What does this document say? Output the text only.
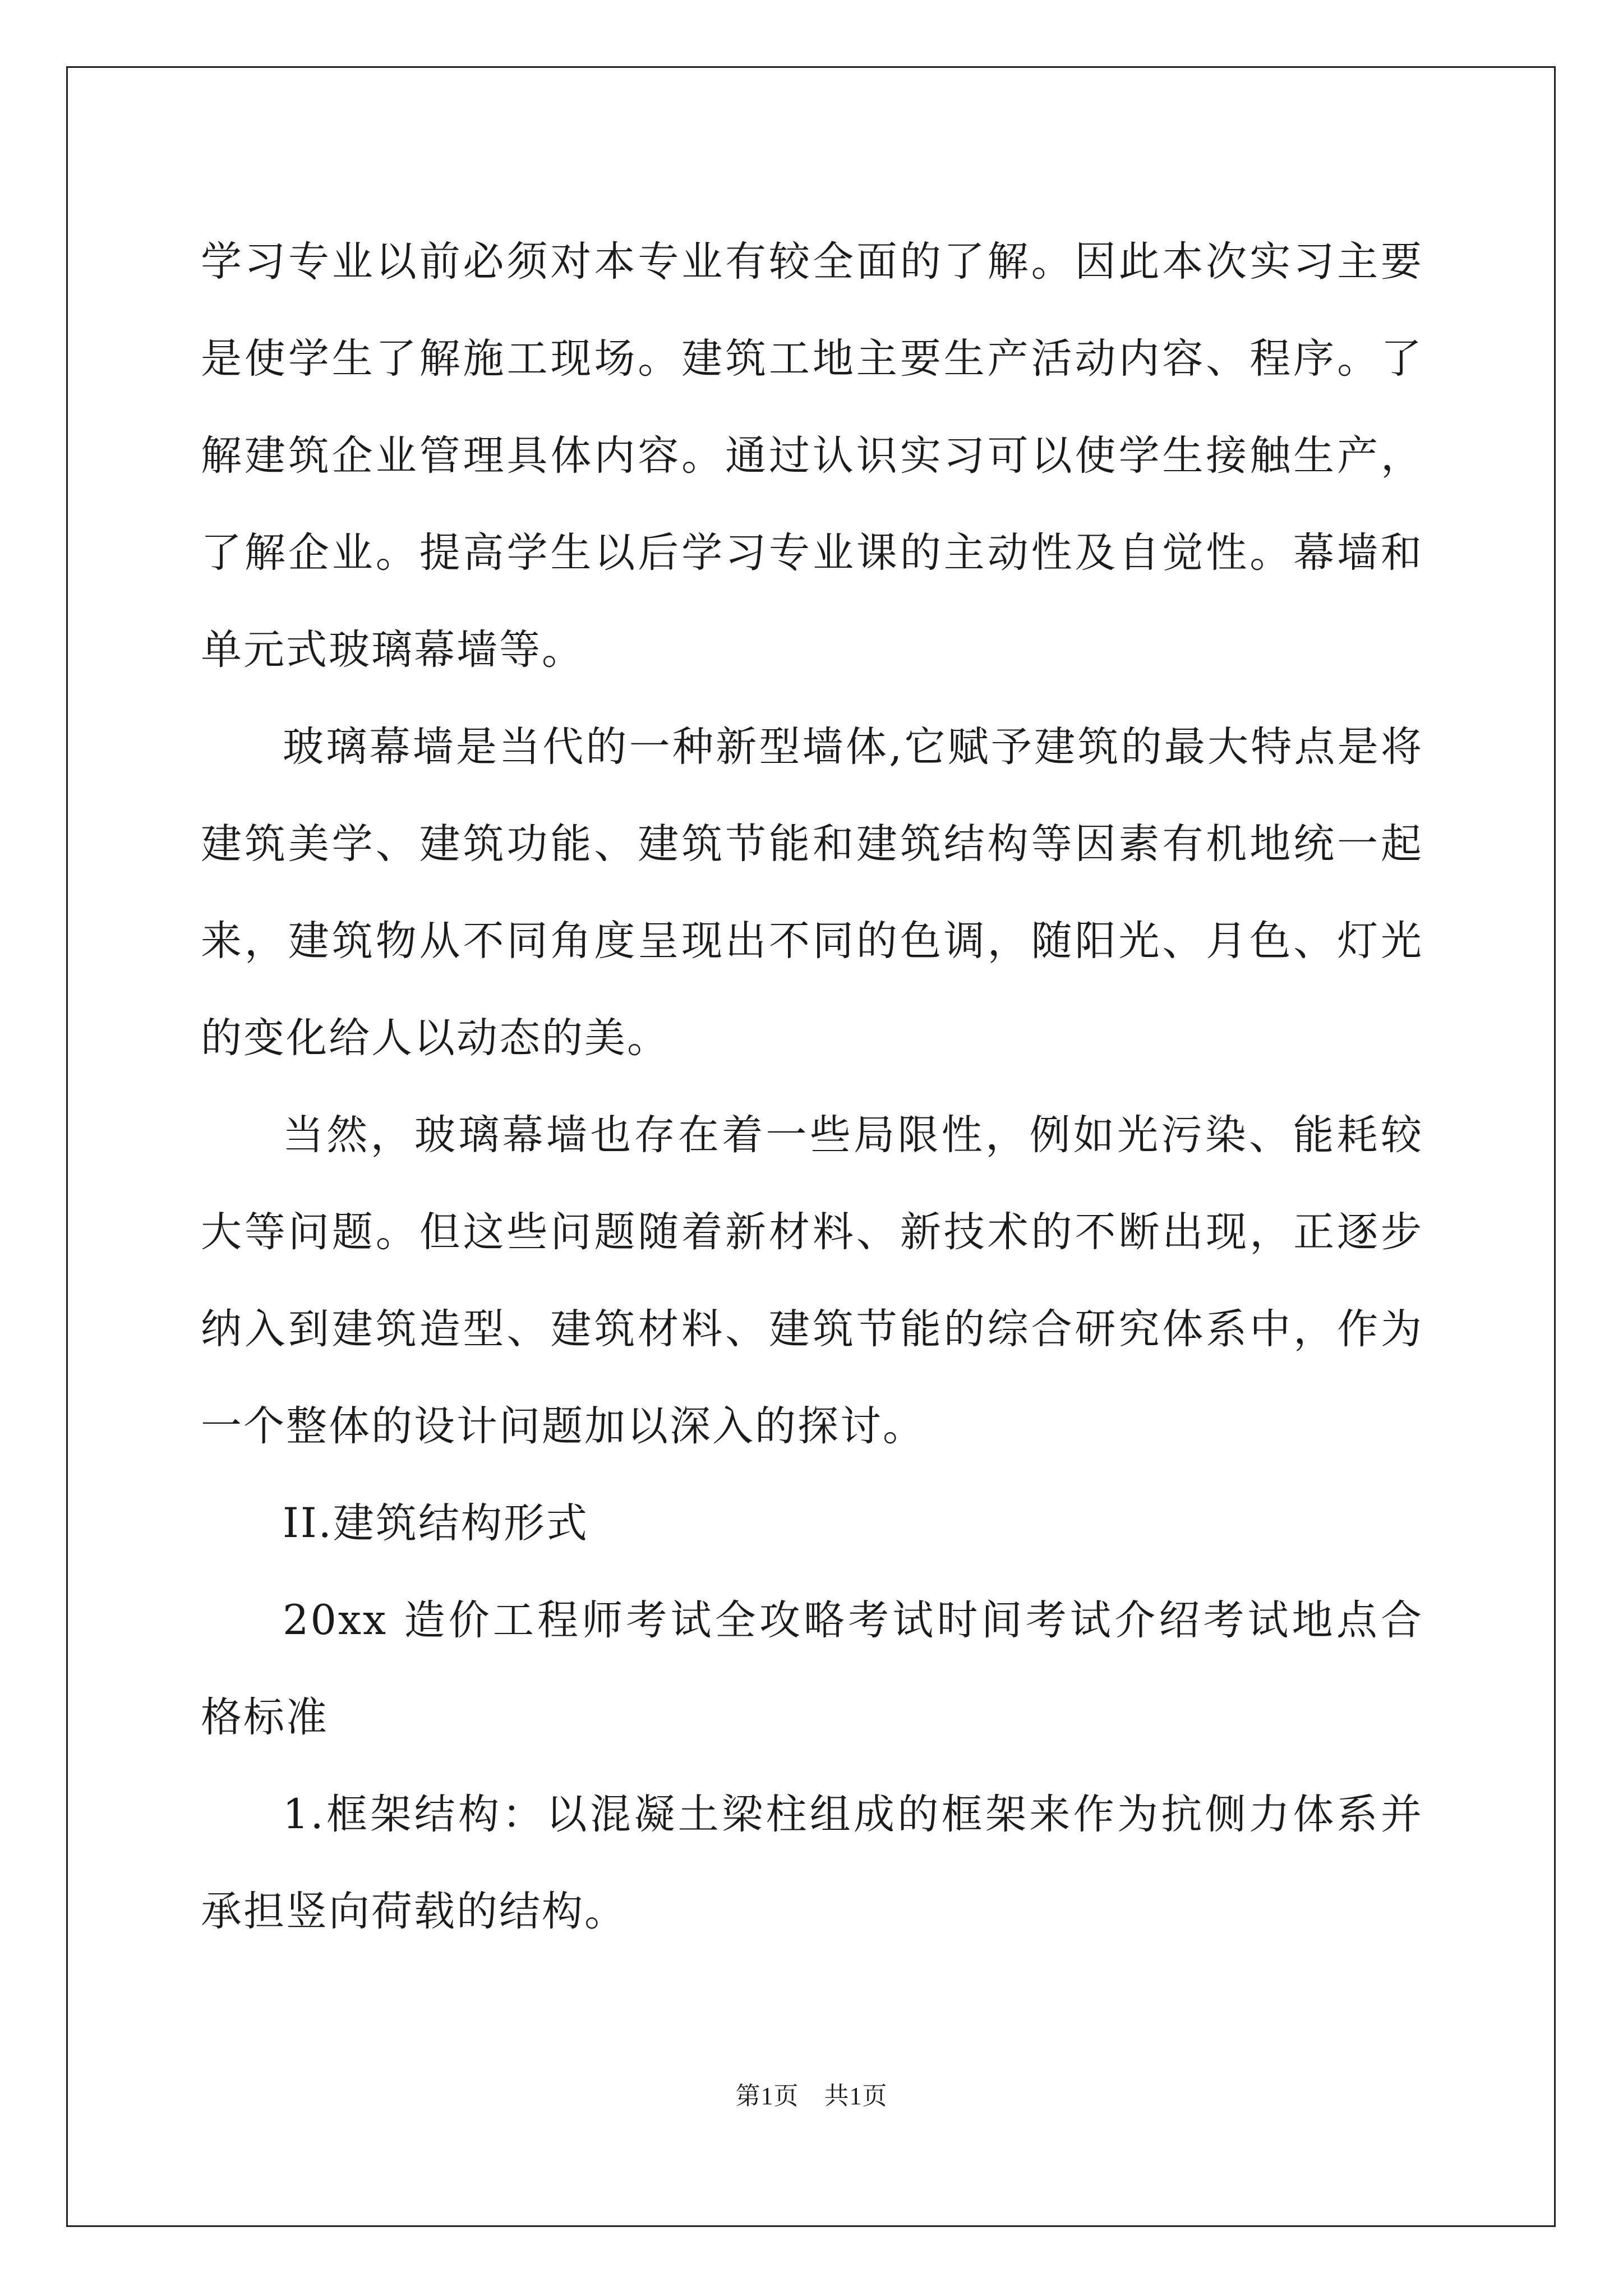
学习专业以前必须对本专业有较全面的了解。因此本次实习主要是使学生了解施工现场。建筑工地主要生产活动内容、程序。了解建筑企业管理具体内容。通过认识实习可以使学生接触生产，了解企业。提高学生以后学习专业课的主动性及自觉性。幕墙和单元式玻璃幕墙等。

玻璃幕墙是当代的一种新型墙体,它赋予建筑的最大特点是将建筑美学、建筑功能、建筑节能和建筑结构等因素有机地统一起来，建筑物从不同角度呈现出不同的色调，随阳光、月色、灯光的变化给人以动态的美。

当然，玻璃幕墙也存在着一些局限性，例如光污染、能耗较大等问题。但这些问题随着新材料、新技术的不断出现，正逐步纳入到建筑造型、建筑材料、建筑节能的综合研究体系中，作为一个整体的设计问题加以深入的探讨。

II.建筑结构形式

20xx 造价工程师考试全攻略考试时间考试介绍考试地点合格标准

1.框架结构：以混凝土梁柱组成的框架来作为抗侧力体系并承担竖向荷载的结构。

第1页　共1页
